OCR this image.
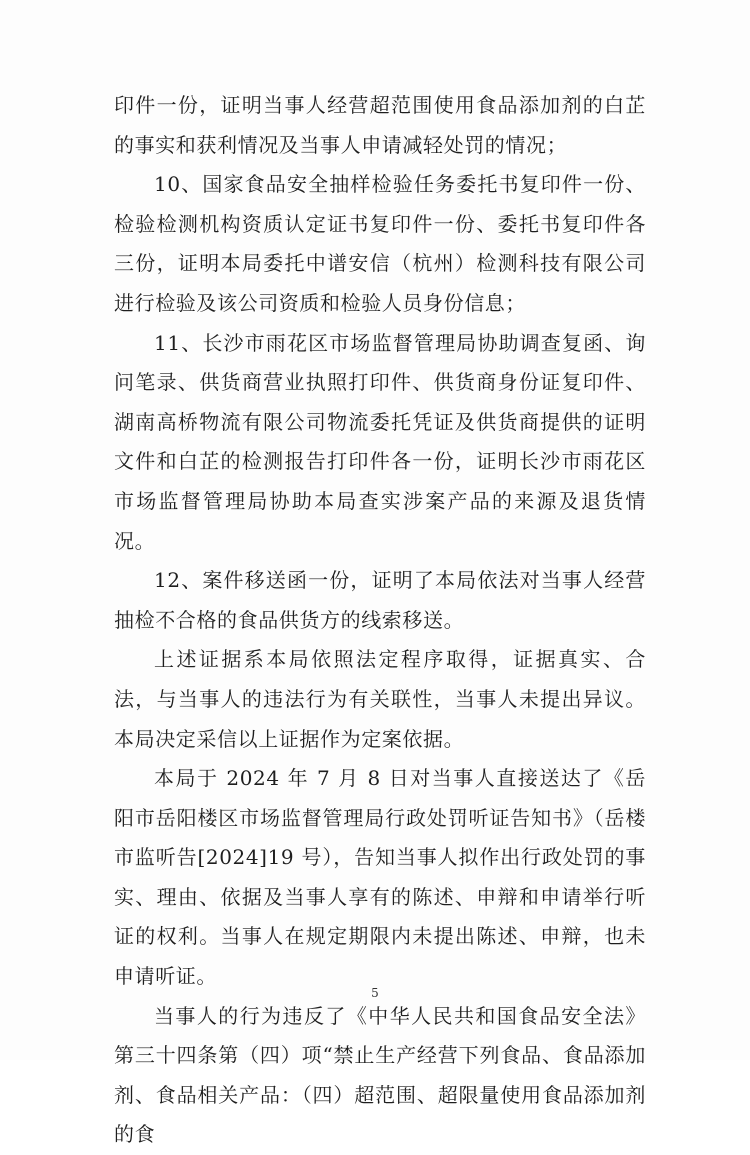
印件一份，证明当事人经营超范围使用食品添加剂的白芷的事实和获利情况及当事人申请减轻处罚的情况；

10、国家食品安全抽样检验任务委托书复印件一份、检验检测机构资质认定证书复印件一份、委托书复印件各三份，证明本局委托中谱安信（杭州）检测科技有限公司进行检验及该公司资质和检验人员身份信息；

11、长沙市雨花区市场监督管理局协助调查复函、询问笔录、供货商营业执照打印件、供货商身份证复印件、湖南高桥物流有限公司物流委托凭证及供货商提供的证明文件和白芷的检测报告打印件各一份，证明长沙市雨花区市场监督管理局协助本局查实涉案产品的来源及退货情况。

12、案件移送函一份，证明了本局依法对当事人经营抽检不合格的食品供货方的线索移送。

上述证据系本局依照法定程序取得，证据真实、合法，与当事人的违法行为有关联性，当事人未提出异议。本局决定采信以上证据作为定案依据。

本局于 2024 年 7 月 8 日对当事人直接送达了《岳阳市岳阳楼区市场监督管理局行政处罚听证告知书》（岳楼市监听告[2024]19 号），告知当事人拟作出行政处罚的事实、理由、依据及当事人享有的陈述、申辩和申请举行听证的权利。当事人在规定期限内未提出陈述、申辩，也未申请听证。

当事人的行为违反了《中华人民共和国食品安全法》第三十四条第（四）项“禁止生产经营下列食品、食品添加剂、食品相关产品：（四）超范围、超限量使用食品添加剂的食

5
